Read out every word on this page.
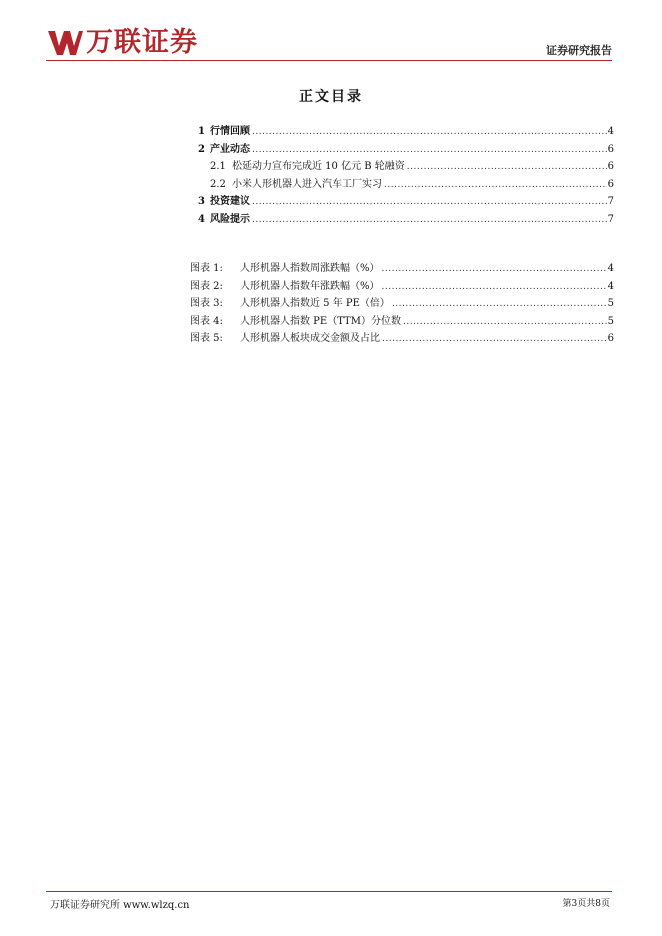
万联证券	证券研究报告
正文目录
1 行情回顾 .....	4
2 产业动态 .....	6
2.1 松延动力宣布完成近 10 亿元 B 轮融资 .....	6
2.2 小米人形机器人进入汽车工厂实习 .....	6
3 投资建议 .....	7
4 风险提示 .....	7
图表 1:	人形机器人指数周涨跌幅（%） .....	4
图表 2:	人形机器人指数年涨跌幅（%） .....	4
图表 3:	人形机器人指数近 5 年 PE（倍） .....	5
图表 4:	人形机器人指数 PE（TTM）分位数 .....	5
图表 5:	人形机器人板块成交金额及占比 .....	6
万联证券研究所 www.wlzq.cn	第3页共8页
